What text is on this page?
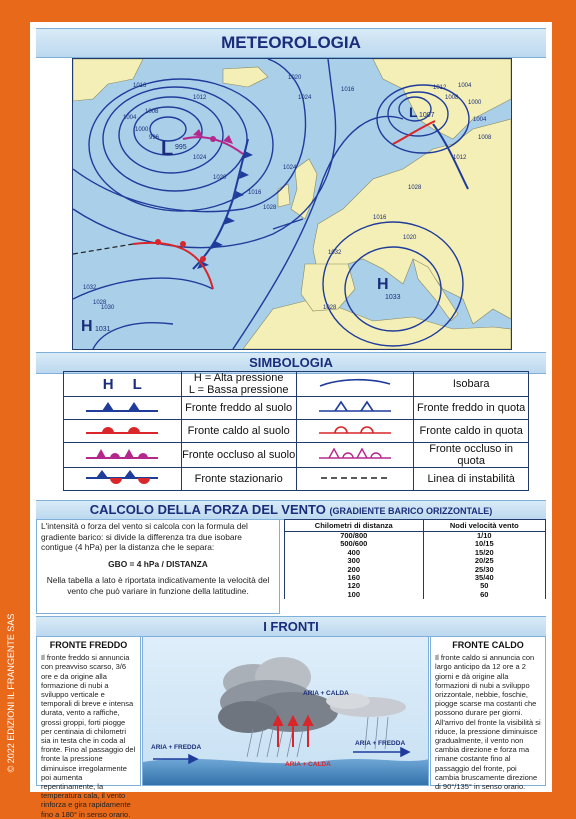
© 2022 EDIZIONI IL FRANGENTE SAS
METEOROLOGIA
L 995
L 1007
H
1033
H 1031
1016
1012
1008
1004
1000
996
1024
1020
1016
1028
1032
1028
1024
1020
1016	1012
1008
1004
1000
1004
1008
1012
1016
1020
1028
1024
1028
1032
1030
SIMBOLOGIA
H L	H = Alta pressione
L = Bassa pressione		Isobara
	Fronte freddo al suolo		Fronte freddo in quota
	Fronte caldo al suolo		Fronte caldo in quota
	Fronte occluso al suolo		Fronte occluso in quota
	Fronte stazionario		Linea di instabilità
CALCOLO DELLA FORZA DEL VENTO (GRADIENTE BARICO ORIZZONTALE)

L'intensità o forza del vento si calcola con la formula del gradiente barico: si divide la differenza tra due isobare contigue (4 hPa) per la distanza che le separa:

GBO = 4 hPa / DISTANZA

Nella tabella a lato è riportata indicativamente la velocità del vento che può variare in funzione della latitudine.

Chilometri di distanza	Nodi velocità vento
700/800	1/10
500/600	10/15
400	15/20
300	20/25
200	25/30
160	35/40
120	50
100	60
I FRONTI
FRONTE FREDDO

Il fronte freddo si annuncia con preavviso scarso, 3/6 ore e da origine alla formazione di nubi a sviluppo verticale e temporali di breve e intensa durata, vento a raffiche, grossi groppi, forti piogge per centinaia di chilometri sia in testa che in coda al fronte. Fino al passaggio del fronte la pressione diminuisce irregolarmente poi aumenta repentinamente, la temperatura cala, il vento rinforza e gira rapidamente fino a 180° in senso orario.

ARIA + CALDA
ARIA + FREDDA
ARIA + CALDA
ARIA + FREDDA
FRONTE CALDO

Il fronte caldo si annuncia con largo anticipo da 12 ore a 2 giorni e dà origine alla formazioni di nubi a sviluppo orizzontale, nebbie, foschie, piogge scarse ma costanti che possono durare per giorni. All'arrivo del fronte la visibilità si riduce, la pressione diminuisce gradualmente, il vento non cambia direzione e forza ma rimane costante fino al passaggio del fronte, poi cambia bruscamente direzione di 90°/135° in senso orario.
